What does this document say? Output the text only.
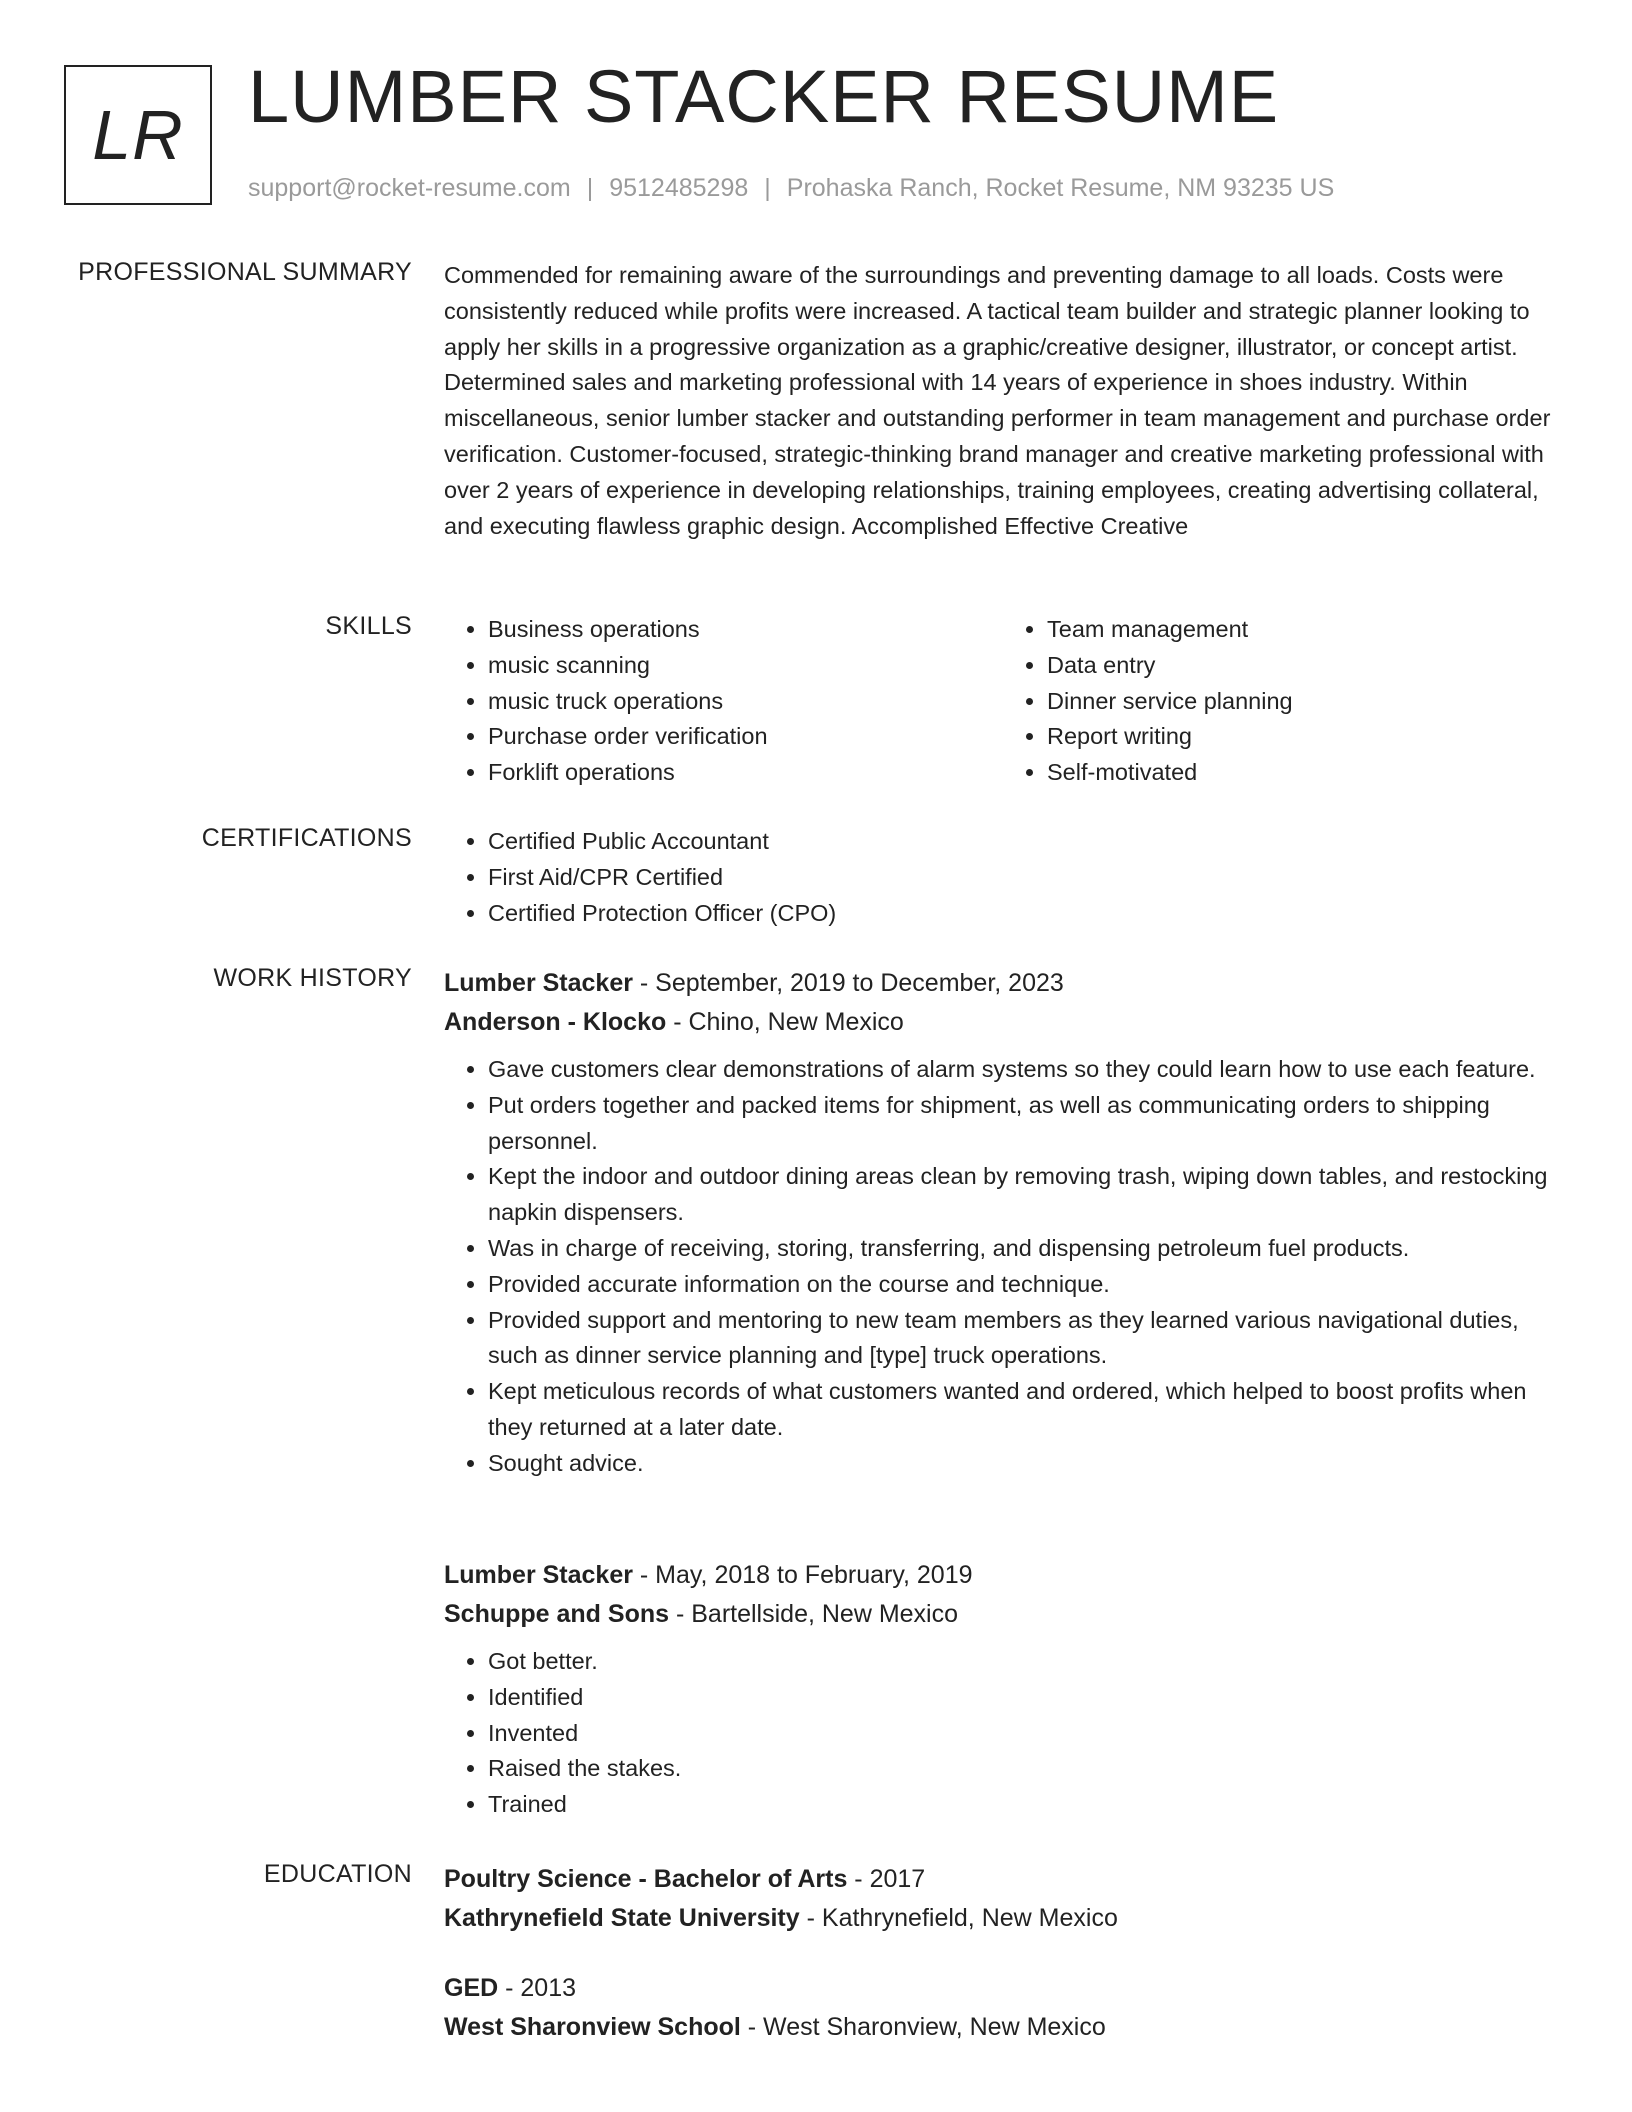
LR LUMBER STACKER RESUME
support@rocket-resume.com | 9512485298 | Prohaska Ranch, Rocket Resume, NM 93235 US
PROFESSIONAL SUMMARY Commended for remaining aware of the surroundings and preventing damage to all loads. Costs were consistently reduced while profits were increased. A tactical team builder and strategic planner looking to apply her skills in a progressive organization as a graphic/creative designer, illustrator, or concept artist. Determined sales and marketing professional with 14 years of experience in shoes industry. Within miscellaneous, senior lumber stacker and outstanding performer in team management and purchase order verification. Customer-focused, strategic-thinking brand manager and creative marketing professional with over 2 years of experience in developing relationships, training employees, creating advertising collateral, and executing flawless graphic design. Accomplished Effective Creative

SKILLS	• Business operations
• music scanning
• music truck operations
• Purchase order verification
• Forklift operations
• Team management
• Data entry
• Dinner service planning
• Report writing
• Self-motivated
CERTIFICATIONS	• Certified Public Accountant
• First Aid/CPR Certified
• Certified Protection Officer (CPO)
WORK HISTORY Lumber Stacker - September, 2019 to December, 2023
Anderson - Klocko - Chino, New Mexico
• Gave customers clear demonstrations of alarm systems so they could learn how to use each feature.
• Put orders together and packed items for shipment, as well as communicating orders to shipping personnel.
• Kept the indoor and outdoor dining areas clean by removing trash, wiping down tables, and restocking napkin dispensers.
• Was in charge of receiving, storing, transferring, and dispensing petroleum fuel products.
• Provided accurate information on the course and technique.
• Provided support and mentoring to new team members as they learned various navigational duties, such as dinner service planning and [type] truck operations.
• Kept meticulous records of what customers wanted and ordered, which helped to boost profits when they returned at a later date.
• Sought advice.
Lumber Stacker - May, 2018 to February, 2019
Schuppe and Sons - Bartellside, New Mexico
• Got better.
• Identified
• Invented
• Raised the stakes.
• Trained
EDUCATION Poultry Science - Bachelor of Arts - 2017
Kathrynefield State University - Kathrynefield, New Mexico
GED - 2013
West Sharonview School - West Sharonview, New Mexico
